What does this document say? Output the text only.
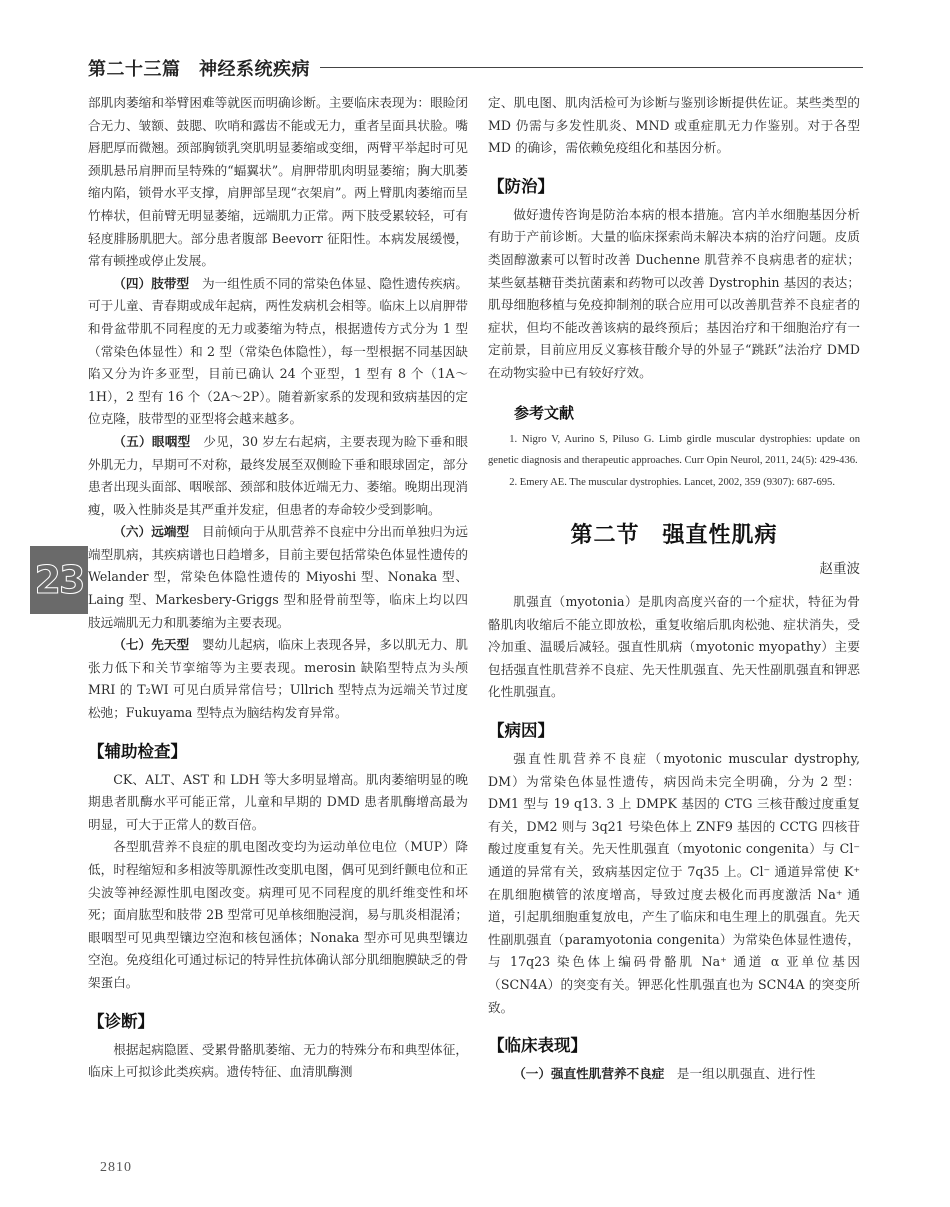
第二十三篇　神经系统疾病
23

部肌肉萎缩和举臂困难等就医而明确诊断。主要临床表现为：眼睑闭合无力、皱额、鼓腮、吹哨和露齿不能或无力，重者呈面具状脸。嘴唇肥厚而微翘。颈部胸锁乳突肌明显萎缩或变细，两臂平举起时可见颈肌悬吊肩胛而呈特殊的“蝠翼状”。肩胛带肌肉明显萎缩；胸大肌萎缩内陷，锁骨水平支撑，肩胛部呈现“衣架肩”。两上臂肌肉萎缩而呈竹棒状，但前臂无明显萎缩，远端肌力正常。两下肢受累较轻，可有轻度腓肠肌肥大。部分患者腹部 Beevorr 征阳性。本病发展缓慢，常有顿挫或停止发展。

（四）肢带型　 为一组性质不同的常染色体显、隐性遗传疾病。可于儿童、青春期或成年起病，两性发病机会相等。临床上以肩胛带和骨盆带肌不同程度的无力或萎缩为特点，根据遗传方式分为 1 型（常染色体显性）和 2 型（常染色体隐性），每一型根据不同基因缺陷又分为许多亚型，目前已确认 24 个亚型，1 型有 8 个（1A～1H），2 型有 16 个（2A～2P）。随着新家系的发现和致病基因的定位克隆，肢带型的亚型将会越来越多。

（五）眼咽型　 少见，30 岁左右起病，主要表现为睑下垂和眼外肌无力，早期可不对称，最终发展至双侧睑下垂和眼球固定，部分患者出现头面部、咽喉部、颈部和肢体近端无力、萎缩。晚期出现消瘦，吸入性肺炎是其严重并发症，但患者的寿命较少受到影响。

（六）远端型　 目前倾向于从肌营养不良症中分出而单独归为远端型肌病，其疾病谱也日趋增多，目前主要包括常染色体显性遗传的 Welander 型，常染色体隐性遗传的 Miyoshi 型、Nonaka 型、Laing 型、Markesbery-Griggs 型和胫骨前型等，临床上均以四肢远端肌无力和肌萎缩为主要表现。

（七）先天型　 婴幼儿起病，临床上表现各异，多以肌无力、肌张力低下和关节挛缩等为主要表现。merosin 缺陷型特点为头颅 MRI 的 T₂WI 可见白质异常信号；Ullrich 型特点为远端关节过度松弛；Fukuyama 型特点为脑结构发育异常。

【辅助检查】

CK、ALT、AST 和 LDH 等大多明显增高。肌肉萎缩明显的晚期患者肌酶水平可能正常，儿童和早期的 DMD 患者肌酶增高最为明显，可大于正常人的数百倍。

各型肌营养不良症的肌电图改变均为运动单位电位（MUP）降低，时程缩短和多相波等肌源性改变肌电图，偶可见到纤颤电位和正尖波等神经源性肌电图改变。病理可见不同程度的肌纤维变性和坏死；面肩肱型和肢带 2B 型常可见单核细胞浸润，易与肌炎相混淆；眼咽型可见典型镶边空泡和核包涵体；Nonaka 型亦可见典型镶边空泡。免疫组化可通过标记的特异性抗体确认部分肌细胞膜缺乏的骨架蛋白。

【诊断】

根据起病隐匿、受累骨骼肌萎缩、无力的特殊分布和典型体征，临床上可拟诊此类疾病。遗传特征、血清肌酶测

定、肌电图、肌肉活检可为诊断与鉴别诊断提供佐证。某些类型的 MD 仍需与多发性肌炎、MND 或重症肌无力作鉴别。对于各型 MD 的确诊，需依赖免疫组化和基因分析。

【防治】

做好遗传咨询是防治本病的根本措施。宫内羊水细胞基因分析有助于产前诊断。大量的临床探索尚未解决本病的治疗问题。皮质类固醇激素可以暂时改善 Duchenne 肌营养不良病患者的症状；某些氨基糖苷类抗菌素和药物可以改善 Dystrophin 基因的表达；肌母细胞移植与免疫抑制剂的联合应用可以改善肌营养不良症者的症状，但均不能改善该病的最终预后；基因治疗和干细胞治疗有一定前景，目前应用反义寡核苷酸介导的外显子“跳跃”法治疗 DMD 在动物实验中已有较好疗效。

参考文献

1. Nigro V, Aurino S, Piluso G. Limb girdle muscular dystrophies: update on genetic diagnosis and therapeutic approaches. Curr Opin Neurol, 2011, 24(5): 429-436.

2. Emery AE. The muscular dystrophies. Lancet, 2002, 359 (9307): 687-695.

第二节　强直性肌病
赵重波

肌强直（myotonia）是肌肉高度兴奋的一个症状，特征为骨骼肌肉收缩后不能立即放松，重复收缩后肌肉松弛、症状消失，受冷加重、温暖后减轻。强直性肌病（myotonic myopathy）主要包括强直性肌营养不良症、先天性肌强直、先天性副肌强直和钾恶化性肌强直。

【病因】

强直性肌营养不良症（myotonic muscular dystrophy, DM）为常染色体显性遗传，病因尚未完全明确，分为 2 型：DM1 型与 19 q13. 3 上 DMPK 基因的 CTG 三核苷酸过度重复有关，DM2 则与 3q21 号染色体上 ZNF9 基因的 CCTG 四核苷酸过度重复有关。先天性肌强直（myotonic congenita）与 Cl⁻ 通道的异常有关，致病基因定位于 7q35 上。Cl⁻ 通道异常使 K⁺ 在肌细胞横管的浓度增高，导致过度去极化而再度激活 Na⁺ 通道，引起肌细胞重复放电，产生了临床和电生理上的肌强直。先天性副肌强直（paramyotonia congenita）为常染色体显性遗传，与 17q23 染色体上编码骨骼肌 Na⁺ 通道 α 亚单位基因（SCN4A）的突变有关。钾恶化性肌强直也为 SCN4A 的突变所致。

【临床表现】

（一）强直性肌营养不良症　 是一组以肌强直、进行性

2810
